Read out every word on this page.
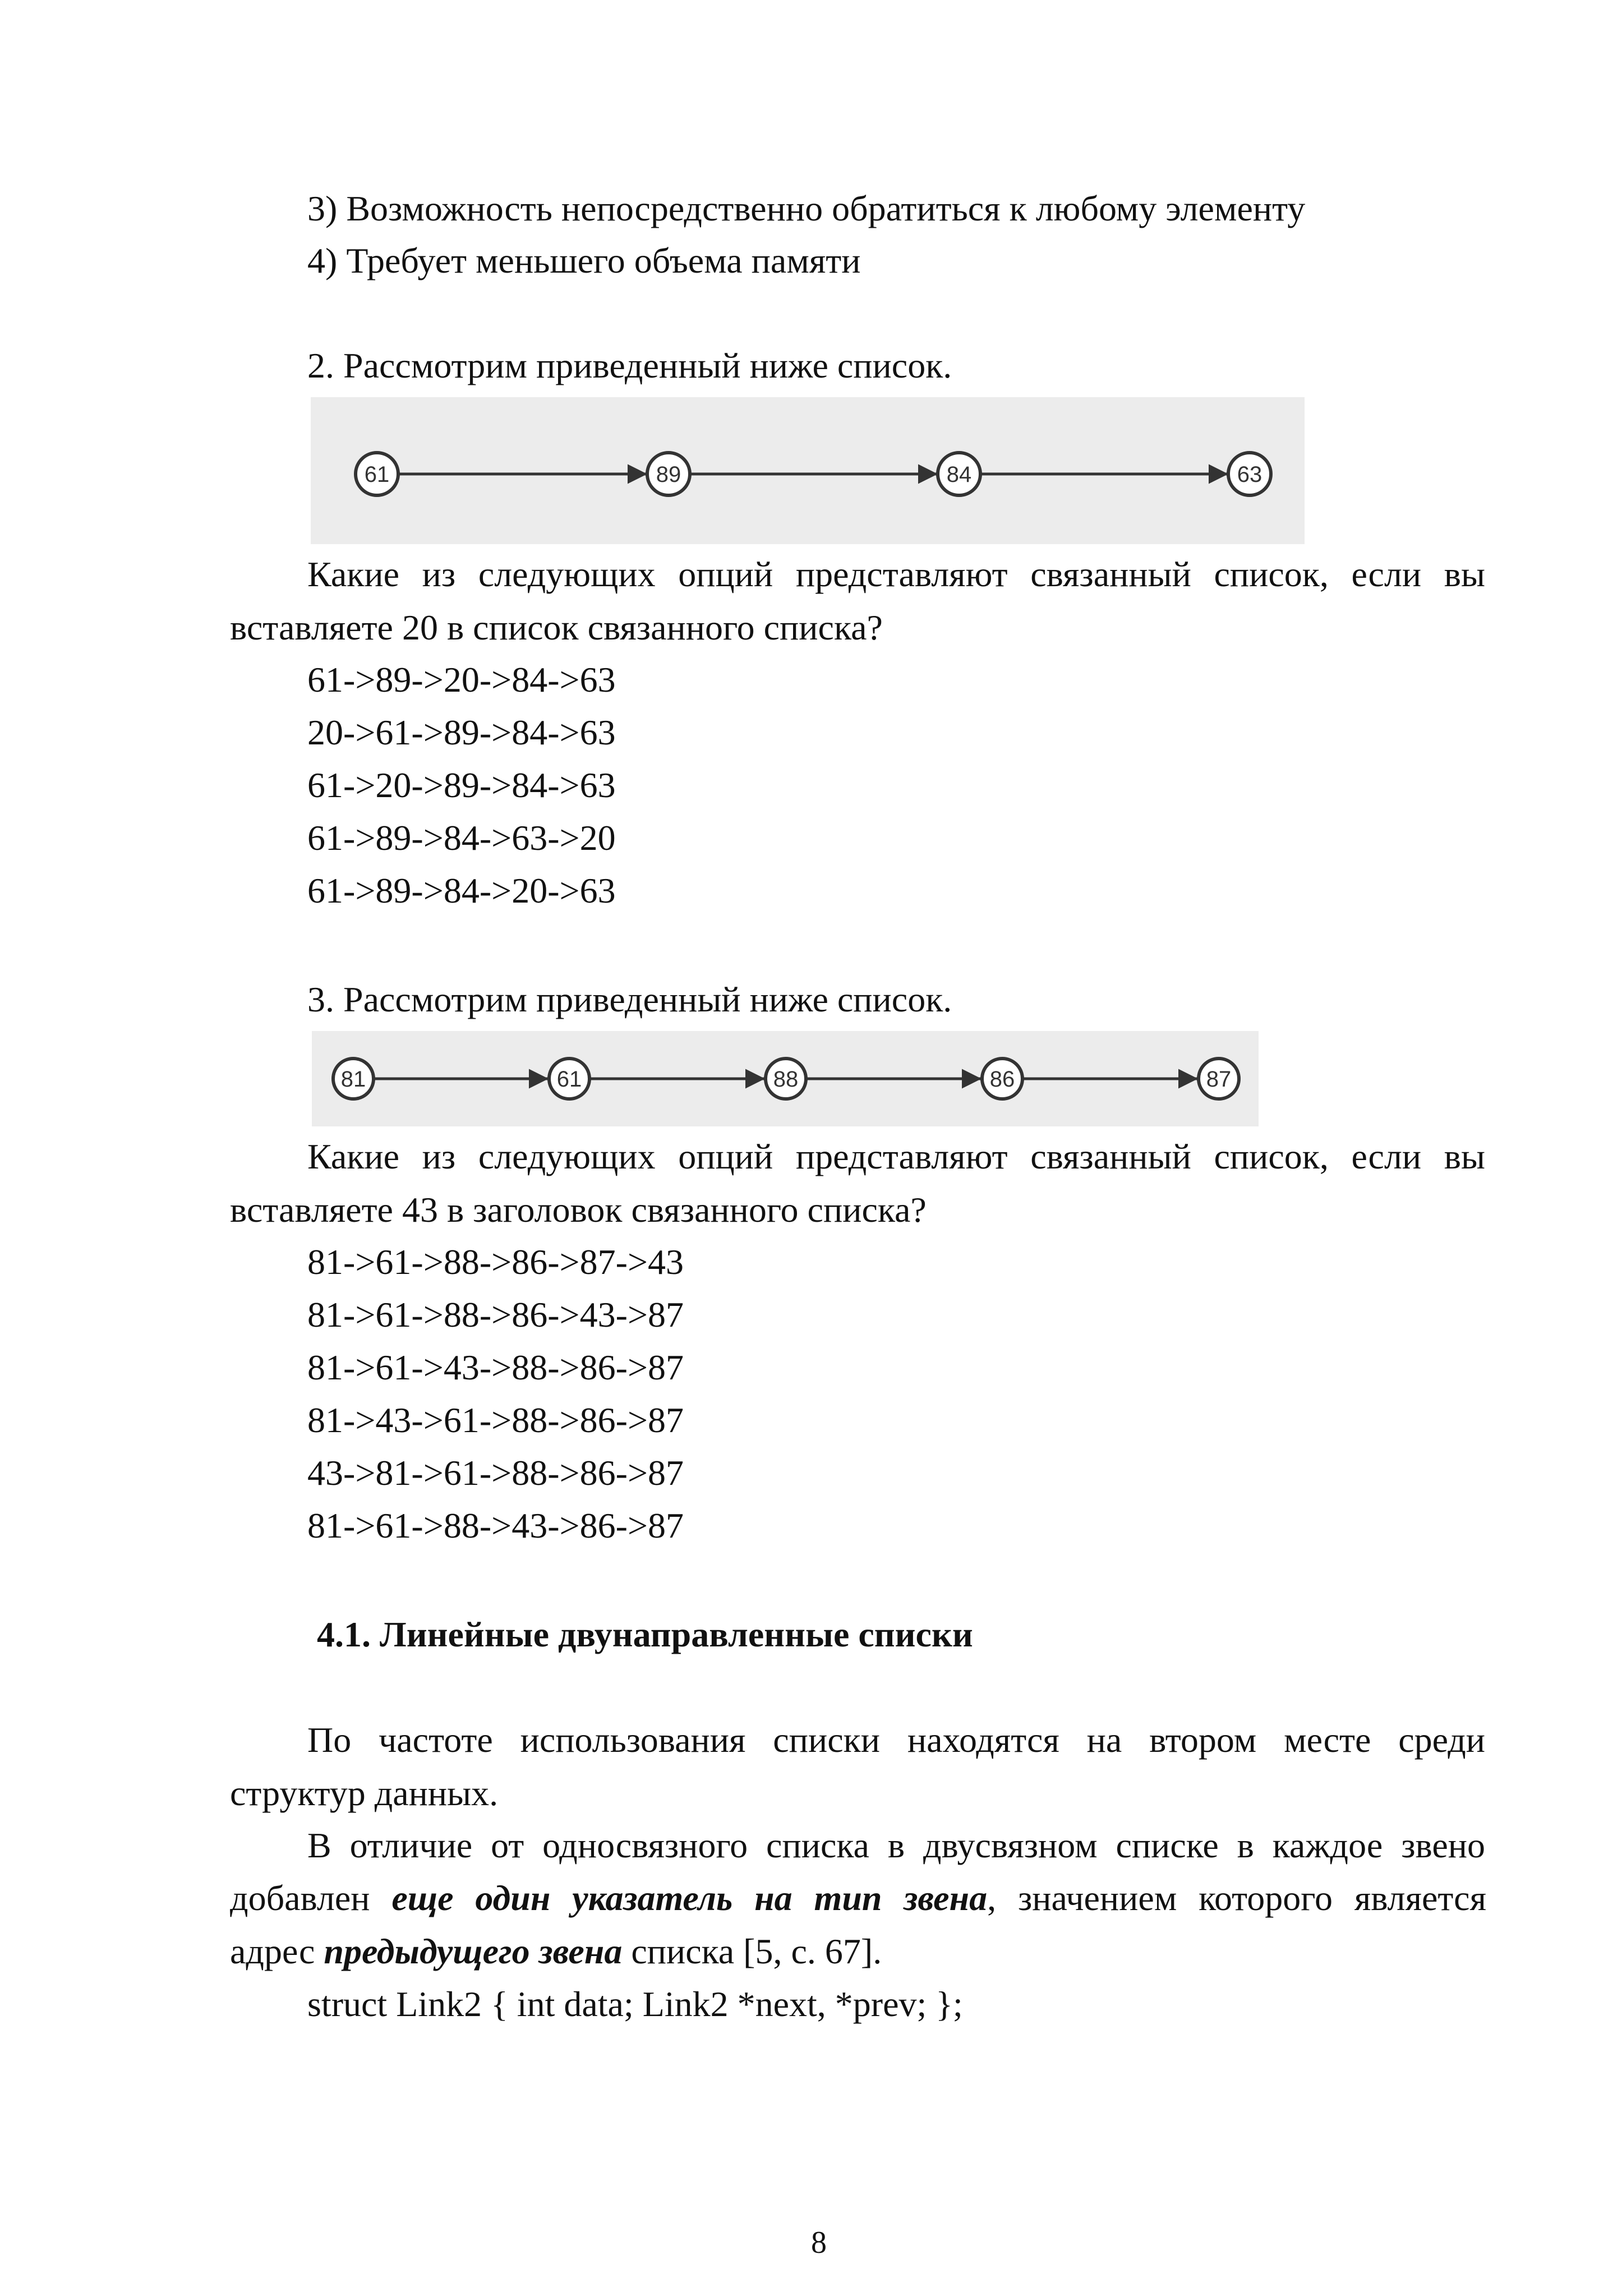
3) Возможность непосредственно обратиться к любому элементу
4) Требует меньшего объема памяти
2. Рассмотрим приведенный ниже список.
61	89	84	63
Какие из следующих опций представляют связанный список, если вы
вставляете 20 в список связанного списка?
61->89->20->84->63
20->61->89->84->63
61->20->89->84->63
61->89->84->63->20
61->89->84->20->63
3. Рассмотрим приведенный ниже список.
81	61	88	86	87
Какие из следующих опций представляют связанный список, если вы
вставляете 43 в заголовок связанного списка?
81->61->88->86->87->43
81->61->88->86->43->87
81->61->43->88->86->87
81->43->61->88->86->87
43->81->61->88->86->87
81->61->88->43->86->87
4.1. Линейные двунаправленные списки
По частоте использования списки находятся на втором месте среди
структур данных.
В отличие от односвязного списка в двусвязном списке в каждое звено
добавлен еще один указатель на тип звена, значением которого является
адрес предыдущего звена списка [5, с. 67].
struct Link2 { int data; Link2 *next, *prev; };
8
